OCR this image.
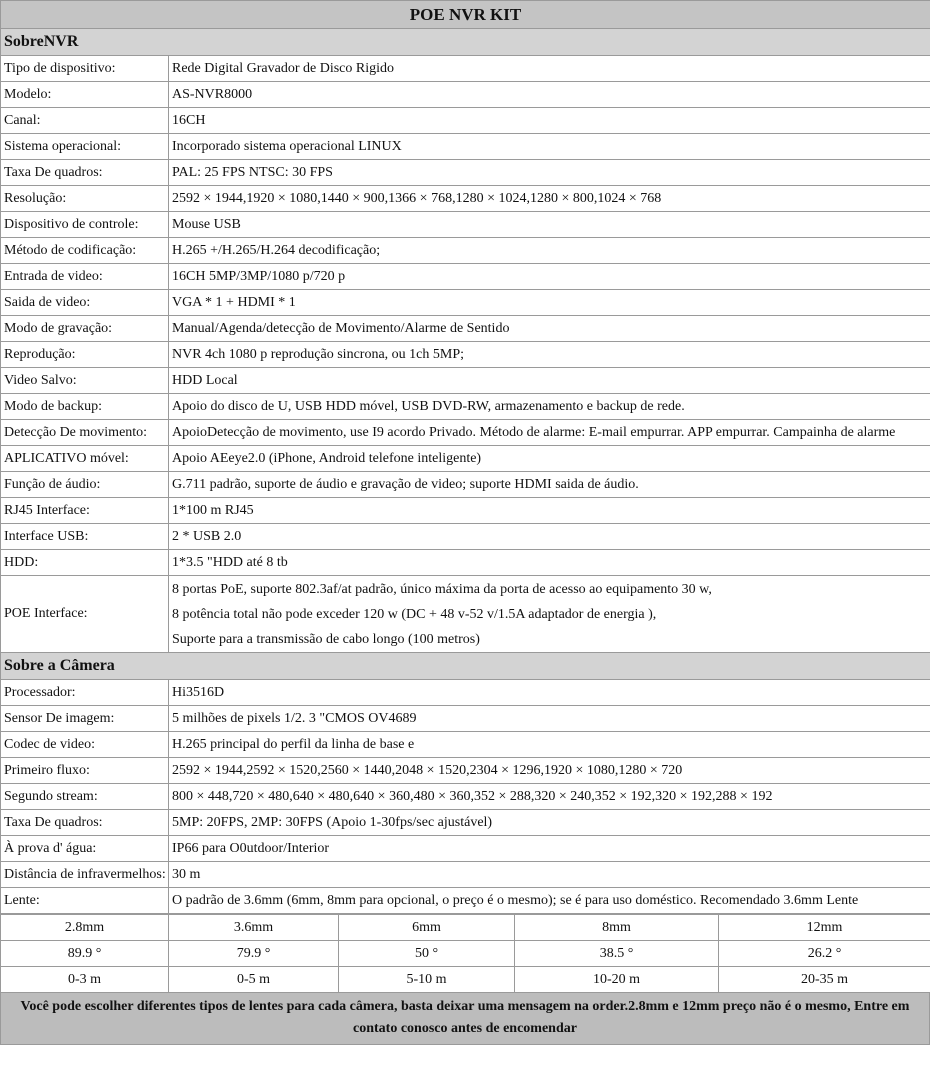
POE NVR KIT	
SobreNVR	
Tipo de dispositivo:	Rede Digital Gravador de Disco Rigido
Modelo:	AS-NVR8000
Canal:	16CH
Sistema operacional:	Incorporado sistema operacional LINUX
Taxa De quadros:	PAL: 25 FPS NTSC: 30 FPS
Resolução:	2592 × 1944,1920 × 1080,1440 × 900,1366 × 768,1280 × 1024,1280 × 800,1024 × 768
Dispositivo de controle:	Mouse USB
Método de codificação:	H.265 +/H.265/H.264 decodificação;
Entrada de video:	16CH 5MP/3MP/1080 p/720 p
Saida de video:	VGA * 1 + HDMI * 1
Modo de gravação:	Manual/Agenda/detecção de Movimento/Alarme de Sentido
Reprodução:	NVR 4ch 1080 p reprodução sincrona, ou 1ch 5MP;
Video Salvo:	HDD Local
Modo de backup:	Apoio do disco de U, USB HDD móvel, USB DVD-RW, armazenamento e backup de rede.
Detecção De movimento:	ApoioDetecção de movimento, use I9 acordo Privado. Método de alarme: E-mail empurrar. APP empurrar. Campainha de alarme
APLICATIVO móvel:	Apoio AEeye2.0 (iPhone, Android telefone inteligente)
Função de áudio:	G.711 padrão, suporte de áudio e gravação de video; suporte HDMI saida de áudio.
RJ45 Interface:	1*100 m RJ45
Interface USB:	2 * USB 2.0
HDD:	1*3.5 "HDD até 8 tb
POE Interface:	8 portas PoE, suporte 802.3af/at padrão, único máxima da porta de acesso ao equipamento 30 w,
8 potência total não pode exceder 120 w (DC + 48 v-52 v/1.5A adaptador de energia ),
Suporte para a transmissão de cabo longo (100 metros)

Sobre a Câmera	
Processador:	Hi3516D
Sensor De imagem:	5 milhões de pixels 1/2. 3 "CMOS OV4689
Codec de video:	H.265 principal do perfil da linha de base e
Primeiro fluxo:	2592 × 1944,2592 × 1520,2560 × 1440,2048 × 1520,2304 × 1296,1920 × 1080,1280 × 720
Segundo stream:	800 × 448,720 × 480,640 × 480,640 × 360,480 × 360,352 × 288,320 × 240,352 × 192,320 × 192,288 × 192
Taxa De quadros:	5MP: 20FPS, 2MP: 30FPS (Apoio 1-30fps/sec ajustável)
À prova d' água:	IP66 para O0utdoor/Interior
Distância de infravermelhos:	30 m
Lente:	O padrão de 3.6mm (6mm, 8mm para opcional, o preço é o mesmo); se é para uso doméstico. Recomendado 3.6mm Lente
2.8mm	3.6mm	6mm	8mm	12mm
89.9 °	79.9 °	50 °	38.5 °	26.2 °
0-3 m	0-5 m	5-10 m	10-20 m	20-35 m
Você pode escolher diferentes tipos de lentes para cada câmera, basta deixar uma mensagem na order.2.8mm e 12mm preço não é o mesmo, Entre em contato conosco antes de encomendar
